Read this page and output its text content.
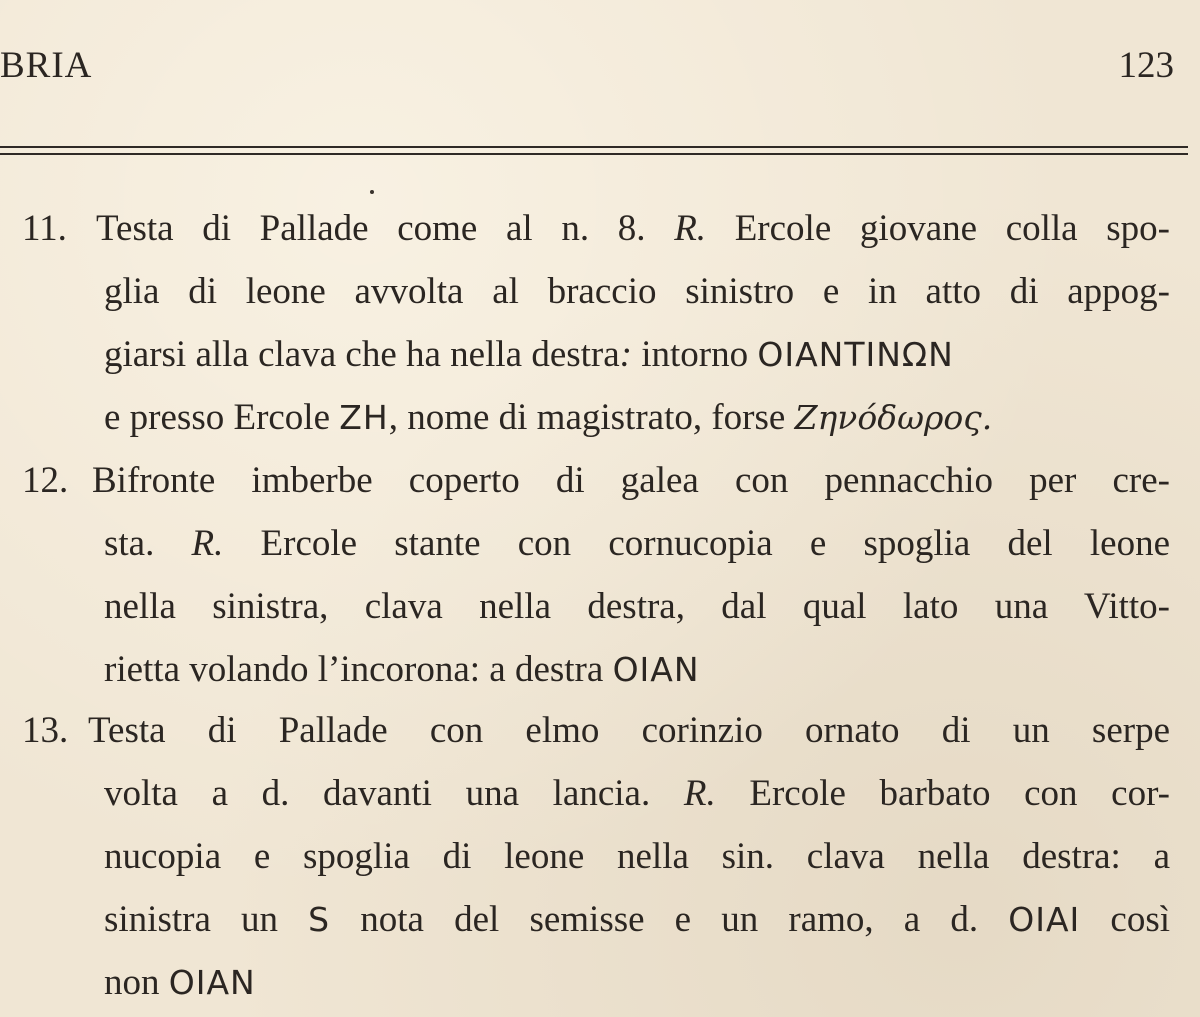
BRIA	123
11. Testa di Pallade come al n. 8. R. Ercole giovane colla spo-
glia di leone avvolta al braccio sinistro e in atto di appog-
giarsi alla clava che ha nella destra: intorno ΟΙΑΝΤΙΝΩΝ
e presso Ercole ZH, nome di magistrato, forse Ζηνόδωρος.
12. Bifronte imberbe coperto di galea con pennacchio per cre-
sta. R. Ercole stante con cornucopia e spoglia del leone
nella sinistra, clava nella destra, dal qual lato una Vitto-
rietta volando l’incorona: a destra ΟΙΑΝ
13. Testa di Pallade con elmo corinzio ornato di un serpe
volta a d. davanti una lancia. R. Ercole barbato con cor-
nucopia e spoglia di leone nella sin. clava nella destra: a
sinistra un S nota del semisse e un ramo, a d. ΟΙΑΙ così
non ΟΙΑΝ
